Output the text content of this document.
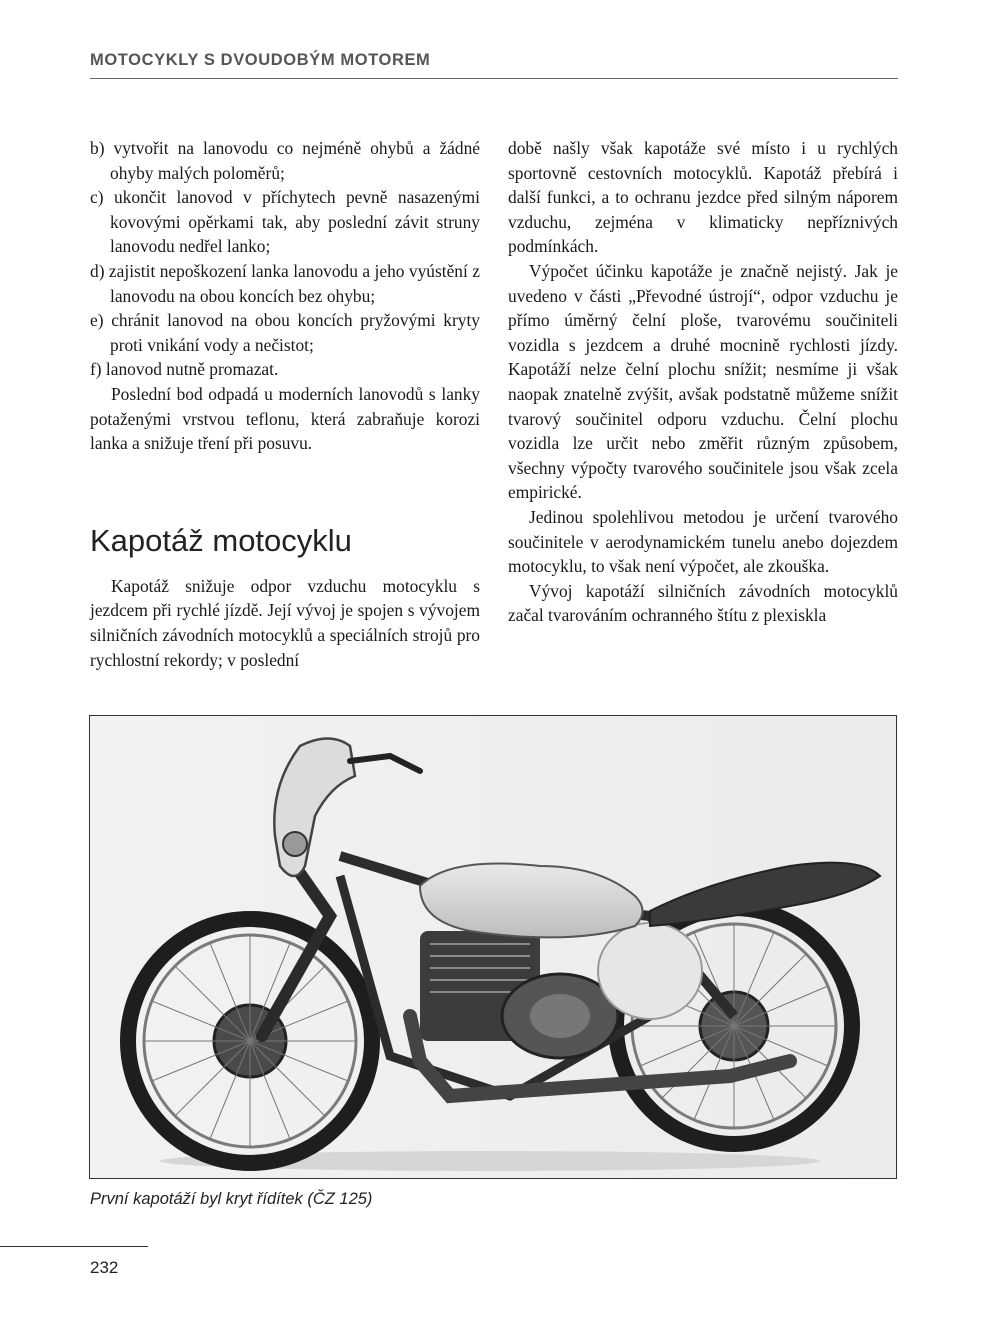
MOTOCYKLY S DVOUDOBÝM MOTOREM

b) vytvořit na lanovodu co nejméně ohybů a žádné ohyby malých poloměrů;

c) ukončit lanovod v příchytech pevně nasazenými kovovými opěrkami tak, aby poslední závit struny lanovodu nedřel lanko;

d) zajistit nepoškození lanka lanovodu a jeho vyústění z lanovodu na obou koncích bez ohybu;

e) chránit lanovod na obou koncích pryžovými kryty proti vnikání vody a nečistot;

f) lanovod nutně promazat.

Poslední bod odpadá u moderních lanovodů s lanky potaženými vrstvou teflonu, která zabraňuje korozi lanka a snižuje tření při posuvu.

Kapotáž motocyklu

Kapotáž snižuje odpor vzduchu motocyklu s jezdcem při rychlé jízdě. Její vývoj je spojen s vývojem silničních závodních motocyklů a speciálních strojů pro rychlostní rekordy; v poslední

době našly však kapotáže své místo i u rychlých sportovně cestovních motocyklů. Kapotáž přebírá i další funkci, a to ochranu jezdce před silným náporem vzduchu, zejména v klimaticky nepříznivých podmínkách.

Výpočet účinku kapotáže je značně nejistý. Jak je uvedeno v části „Převodné ústrojí“, odpor vzduchu je přímo úměrný čelní ploše, tvarovému součiniteli vozidla s jezdcem a druhé mocnině rychlosti jízdy. Kapotáží nelze čelní plochu snížit; nesmíme ji však naopak znatelně zvýšit, avšak podstatně můžeme snížit tvarový součinitel odporu vzduchu. Čelní plochu vozidla lze určit nebo změřit různým způsobem, všechny výpočty tvarového součinitele jsou však zcela empirické.

Jedinou spolehlivou metodou je určení tvarového součinitele v aerodynamickém tunelu anebo dojezdem motocyklu, to však není výpočet, ale zkouška.

Vývoj kapotáží silničních závodních motocyklů začal tvarováním ochranného štítu z plexiskla

První kapotáží byl kryt řídítek (ČZ 125)
232
